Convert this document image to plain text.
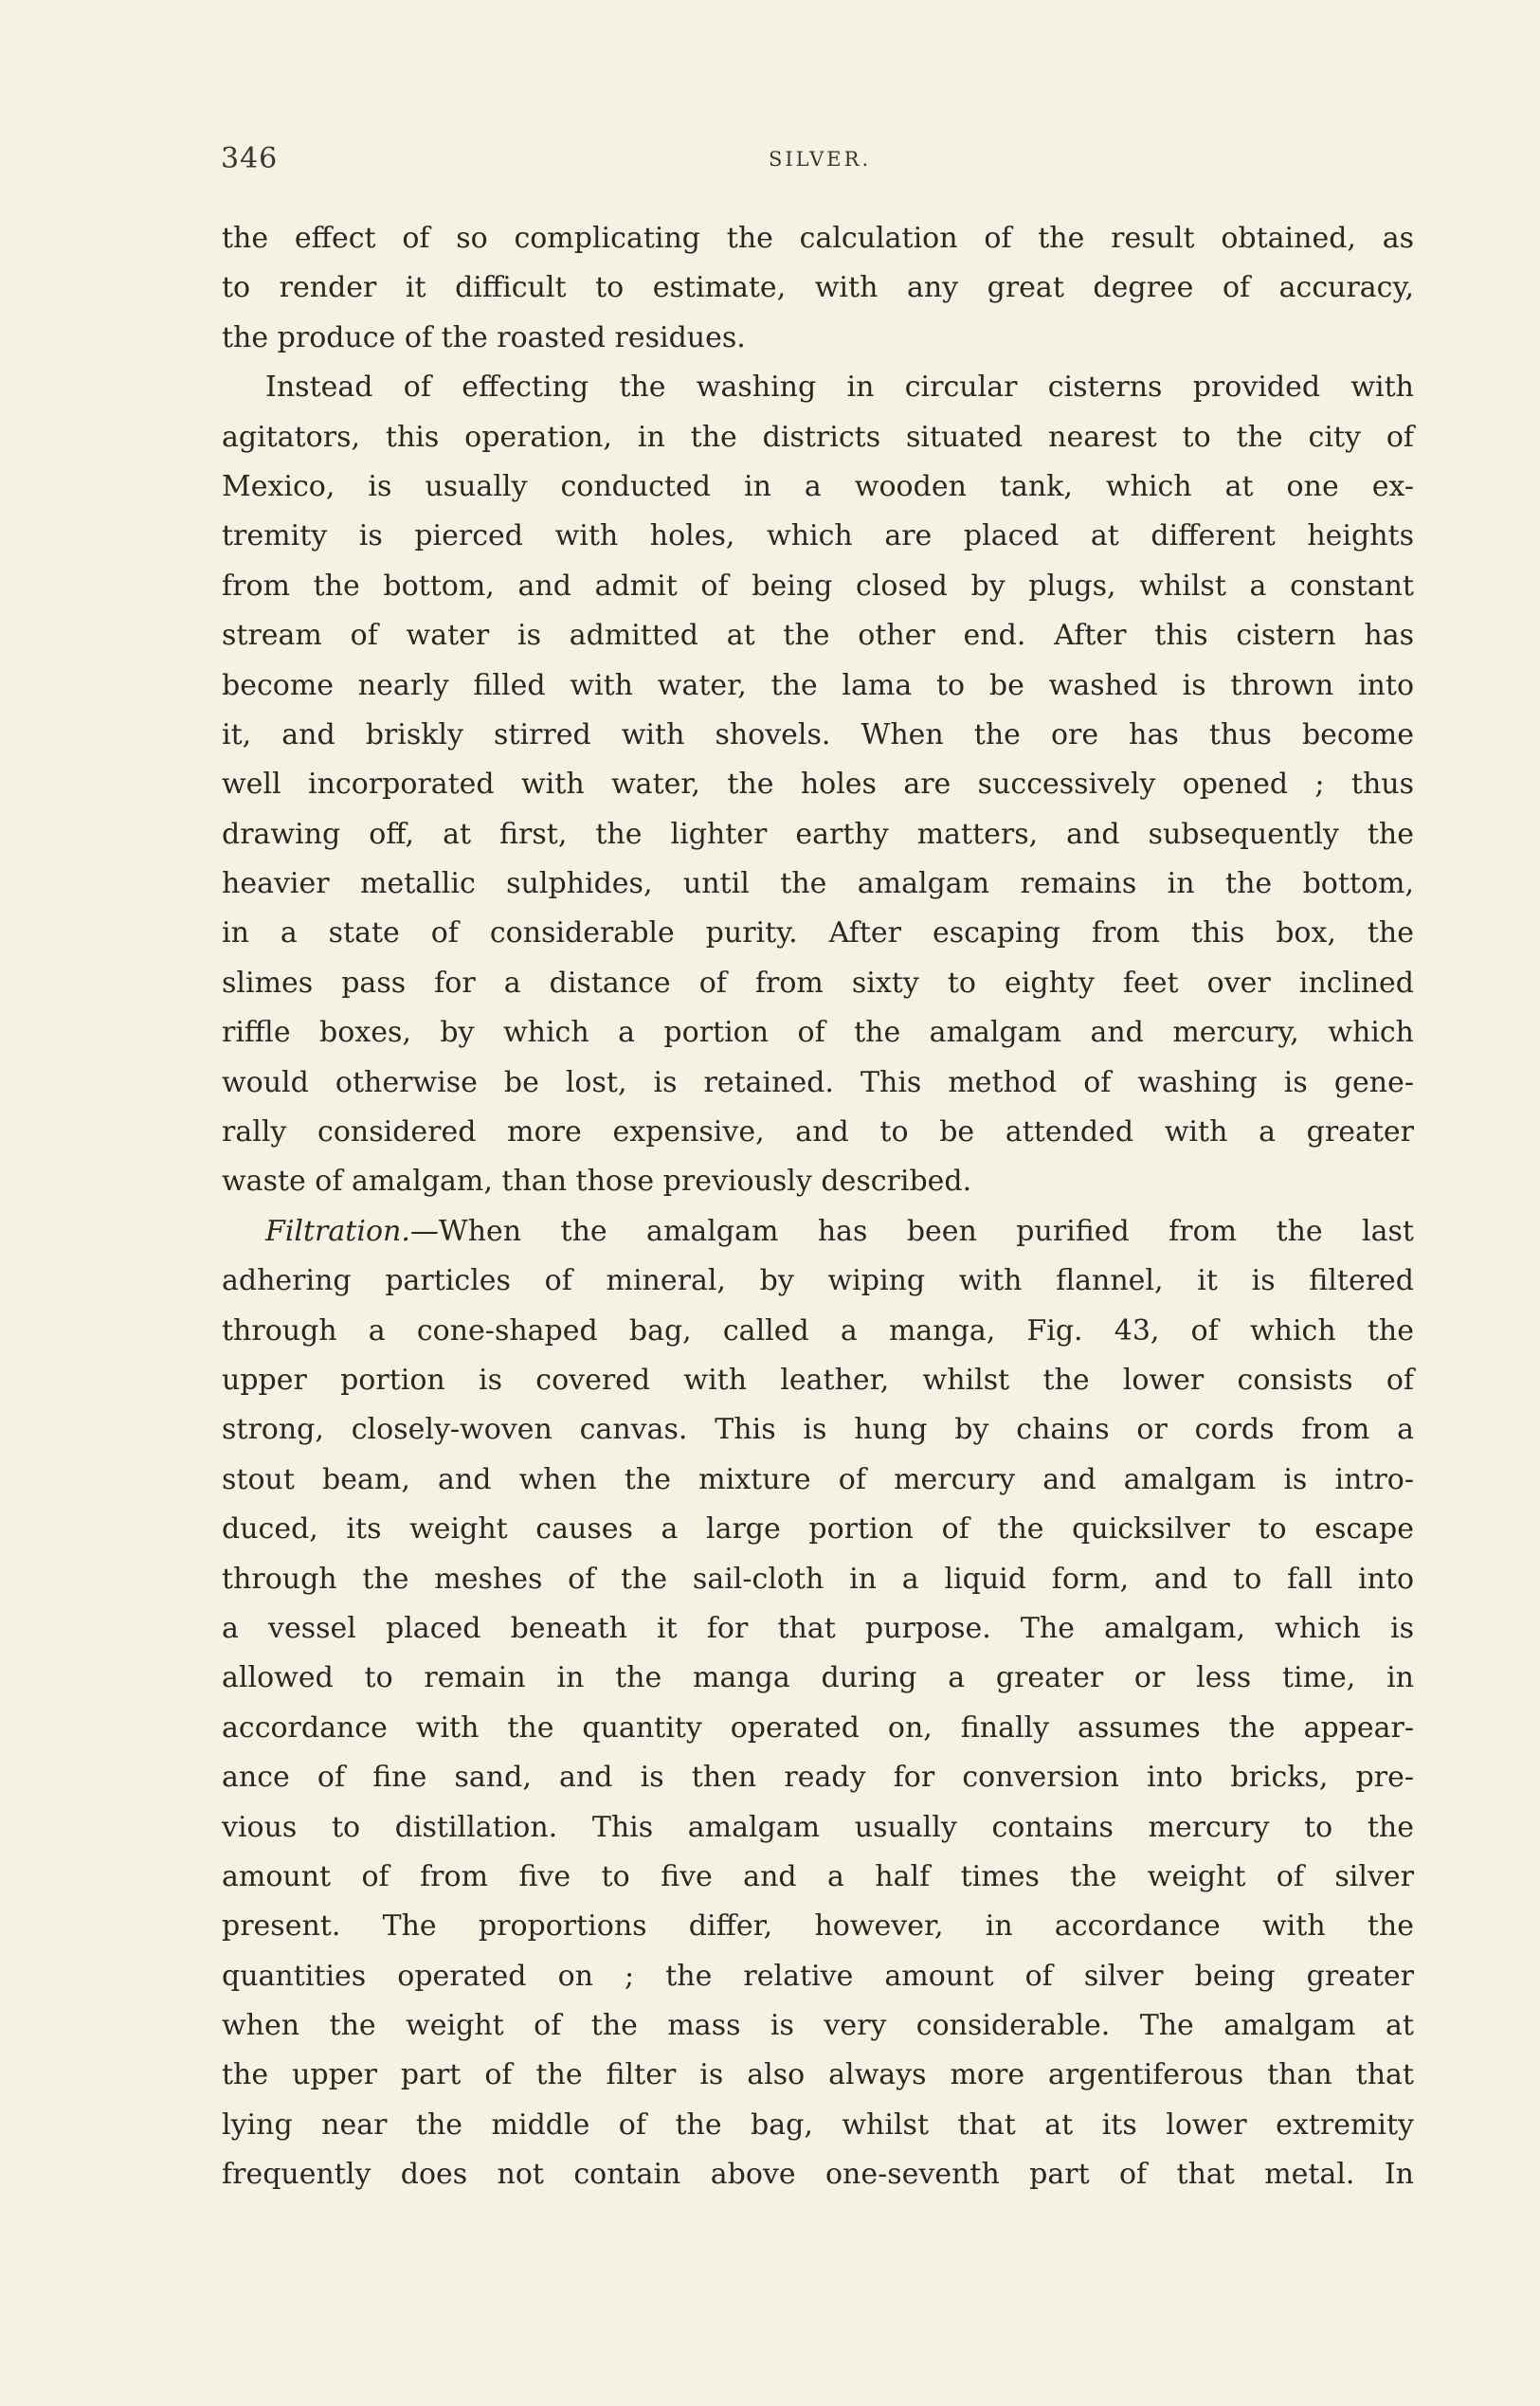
346	SILVER.
the effect of so complicating the calculation of the result obtained, as
to render it difficult to estimate, with any great degree of accuracy,
the produce of the roasted residues.
Instead of effecting the washing in circular cisterns provided with
agitators, this operation, in the districts situated nearest to the city of
Mexico, is usually conducted in a wooden tank, which at one ex-
tremity is pierced with holes, which are placed at different heights
from the bottom, and admit of being closed by plugs, whilst a constant
stream of water is admitted at the other end. After this cistern has
become nearly filled with water, the lama to be washed is thrown into
it, and briskly stirred with shovels. When the ore has thus become
well incorporated with water, the holes are successively opened ; thus
drawing off, at first, the lighter earthy matters, and subsequently the
heavier metallic sulphides, until the amalgam remains in the bottom,
in a state of considerable purity. After escaping from this box, the
slimes pass for a distance of from sixty to eighty feet over inclined
riffle boxes, by which a portion of the amalgam and mercury, which
would otherwise be lost, is retained. This method of washing is gene-
rally considered more expensive, and to be attended with a greater
waste of amalgam, than those previously described.
Filtration.—When the amalgam has been purified from the last
adhering particles of mineral, by wiping with flannel, it is filtered
through a cone-shaped bag, called a manga, Fig. 43, of which the
upper portion is covered with leather, whilst the lower consists of
strong, closely-woven canvas. This is hung by chains or cords from a
stout beam, and when the mixture of mercury and amalgam is intro-
duced, its weight causes a large portion of the quicksilver to escape
through the meshes of the sail-cloth in a liquid form, and to fall into
a vessel placed beneath it for that purpose. The amalgam, which is
allowed to remain in the manga during a greater or less time, in
accordance with the quantity operated on, finally assumes the appear-
ance of fine sand, and is then ready for conversion into bricks, pre-
vious to distillation. This amalgam usually contains mercury to the
amount of from five to five and a half times the weight of silver
present. The proportions differ, however, in accordance with the
quantities operated on ; the relative amount of silver being greater
when the weight of the mass is very considerable. The amalgam at
the upper part of the filter is also always more argentiferous than that
lying near the middle of the bag, whilst that at its lower extremity
frequently does not contain above one-seventh part of that metal. In
